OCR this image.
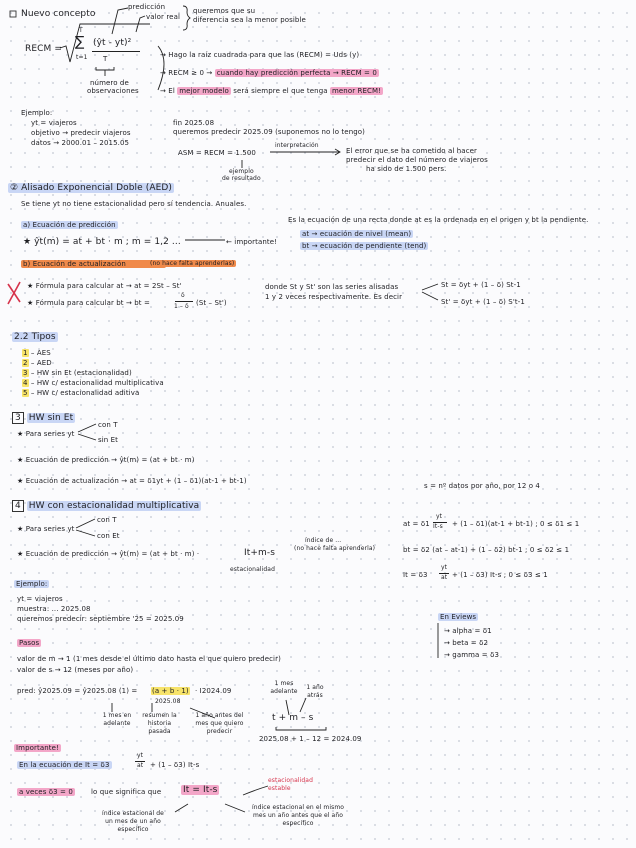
Nuevo concepto
predicción
valor real
queremos que su
diferencia sea la menor posible
RECM =
T
∑
t=1
(ŷt - yt)²
T
número de
observaciones
→ Hago la raíz cuadrada para que las (RECM) = Uds (y)
→ RECM ≥ 0 → cuando hay predicción perfecta → RECM = 0
→ El mejor modelo será siempre el que tenga menor RECM!
Ejemplo:
yt = viajeros
objetivo → predecir viajeros
datos → 2000.01 – 2015.05
fin 2025.08
queremos predecir 2025.09 (suponemos no lo tengo)
ASM = RECM = 1.500
interpretación
El error que se ha cometido al hacer
predecir el dato del número de viajeros
ha sido de 1.500 pers.
ejemplo
de resultado
② Alisado Exponencial Doble (AED)
Se tiene yt no tiene estacionalidad pero sí tendencia. Anuales.
a) Ecuación de predicción
Es la ecuación de una recta donde at es la ordenada en el origen y bt la pendiente.
at → ecuación de nivel (mean)
bt → ecuación de pendiente (tend)
★ ŷt(m) = at + bt · m ; m = 1,2 ...	← importante!
b) Ecuación de actualización	(no hace falta aprenderlas)
★ Fórmula para calcular at → at = 2St – St'
★ Fórmula para calcular bt → bt =
δ
1 – δ (St – St')
donde St y St' son las series alisadas
1 y 2 veces respectivamente. Es decir
St = δyt + (1 – δ) St-1
St' = δyt + (1 – δ) S't-1
2.2 Tipos
1 – AES
2 – AED
3 – HW sin Et (estacionalidad)
4 – HW c/ estacionalidad multiplicativa
5 – HW c/ estacionalidad aditiva
3 HW sin Et
★ Para series yt
con T
sin Et
★ Ecuación de predicción → ŷt(m) = (at + bt · m)
★ Ecuación de actualización → at = δ1yt + (1 – δ1)(at-1 + bt-1)
s = nº datos por año, por 12 o 4
4 HW con estacionalidad multiplicativa
★ Para series yt
con T
con Et
★ Ecuación de predicción → ŷt(m) = (at + bt · m) ·	It+m-s
estacionalidad
índice de ...
(no hace falta aprenderla)
at = δ1
yt
It-s + (1 – δ1)(at-1 + bt-1) ; 0 ≤ δ1 ≤ 1
bt = δ2 (at – at-1) + (1 – δ2) bt-1 ; 0 ≤ δ2 ≤ 1
It = δ3
yt
at + (1 – δ3) It-s ; 0 ≤ δ3 ≤ 1
Ejemplo:
yt = viajeros
muestra: ... 2025.08
queremos predecir: septiembre '25 = 2025.09	En Eviews
→ alpha = δ1
→ beta = δ2
→ gamma = δ3
Pasos
valor de m → 1 (1 mes desde el último dato hasta el que quiero predecir)
valor de s → 12 (meses por año)
pred: ŷ2025.09 = ŷ2025.08 (1) = (a + b · 1) · I2024.09
2025.08
1 mes en adelante
resumen la historia pasada
1 año antes del mes que quiero predecir
1 mes adelante
1 año atrás
t + m – s
2025.08 + 1 – 12 = 2024.09
Importante!
En la ecuación de It = δ3
yt
at + (1 – δ3) It-s
a veces δ3 = 0	lo que significa que It = It-s
estacionalidad estable
índice estacional de un mes de un año específico
índice estacional en el mismo mes un año antes que el año específico
